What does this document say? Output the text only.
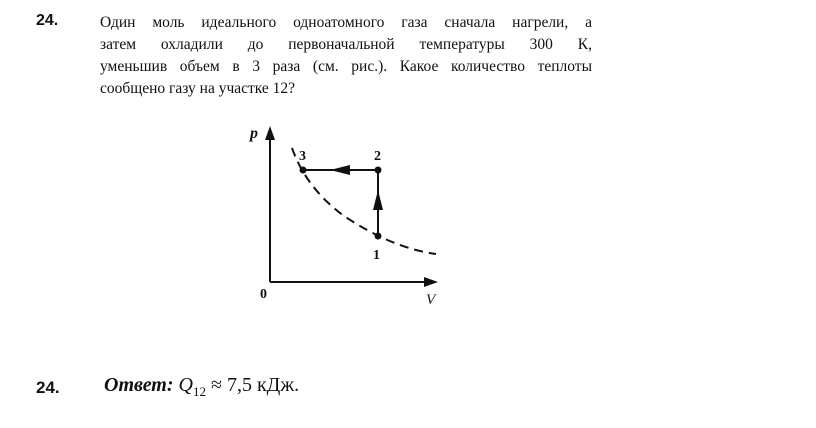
24.	Один моль идеального одноатомного газа сначала нагрели, а
затем охладили до первоначальной температуры 300 К,
уменьшив объем в 3 раза (см. рис.). Какое количество теплоты
сообщено газу на участке 12?
p
V
0
1
2
3
24. Ответ: $Q_{12} \approx 7,5$ кДж.
